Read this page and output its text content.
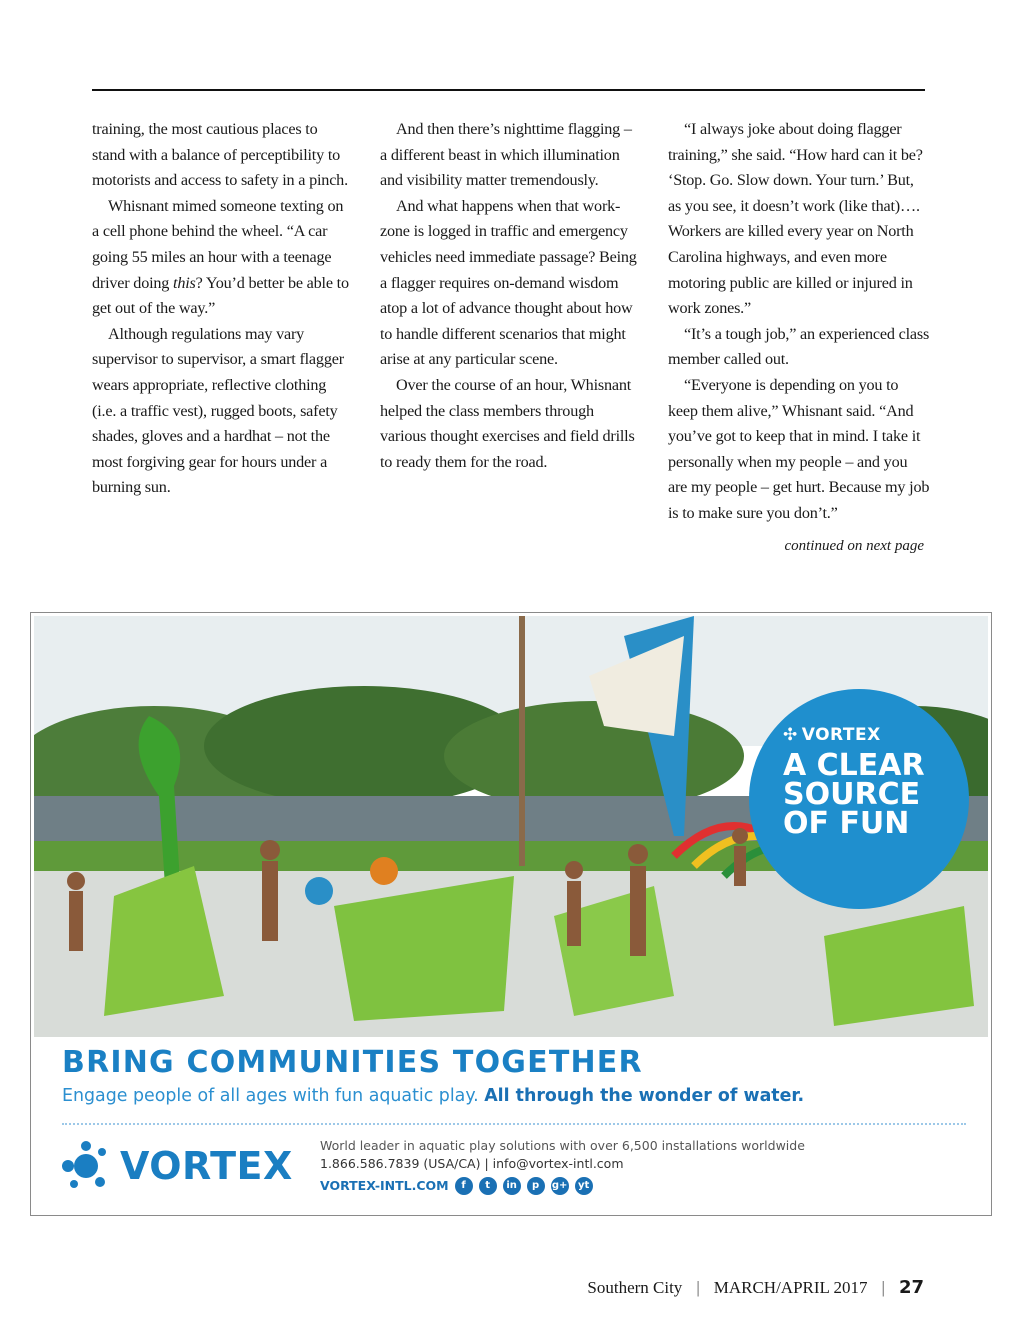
training, the most cautious places to stand with a balance of perceptibility to motorists and access to safety in a pinch.

Whisnant mimed someone texting on a cell phone behind the wheel. “A car going 55 miles an hour with a teenage driver doing this? You’d better be able to get out of the way.”

Although regulations may vary supervisor to supervisor, a smart flagger wears appropriate, reflective clothing (i.e. a traffic vest), rugged boots, safety shades, gloves and a hardhat – not the most forgiving gear for hours under a burning sun.

And then there’s nighttime flagging – a different beast in which illumination and visibility matter tremendously.

And what happens when that work-zone is logged in traffic and emergency vehicles need immediate passage? Being a flagger requires on-demand wisdom atop a lot of advance thought about how to handle different scenarios that might arise at any particular scene.

Over the course of an hour, Whisnant helped the class members through various thought exercises and field drills to ready them for the road.

“I always joke about doing flagger training,” she said. “How hard can it be? ‘Stop. Go. Slow down. Your turn.’ But, as you see, it doesn’t work (like that)…. Workers are killed every year on North Carolina highways, and even more motoring public are killed or injured in work zones.”

“It’s a tough job,” an experienced class member called out.

“Everyone is depending on you to keep them alive,” Whisnant said. “And you’ve got to keep that in mind. I take it personally when my people – and you are my people – get hurt. Because my job is to make sure you don’t.”

continued on next page
✣ VORTEX
A CLEAR SOURCE OF FUN
BRING COMMUNITIES TOGETHER
Engage people of all ages with fun aquatic play. All through the wonder of water.
VORTEX World leader in aquatic play solutions with over 6,500 installations worldwide
1.866.586.7839 (USA/CA) | info@vortex-intl.com
VORTEX-INTL.COM	f	t	in	p	g+	yt
Southern City | MARCH/APRIL 2017 | 27
